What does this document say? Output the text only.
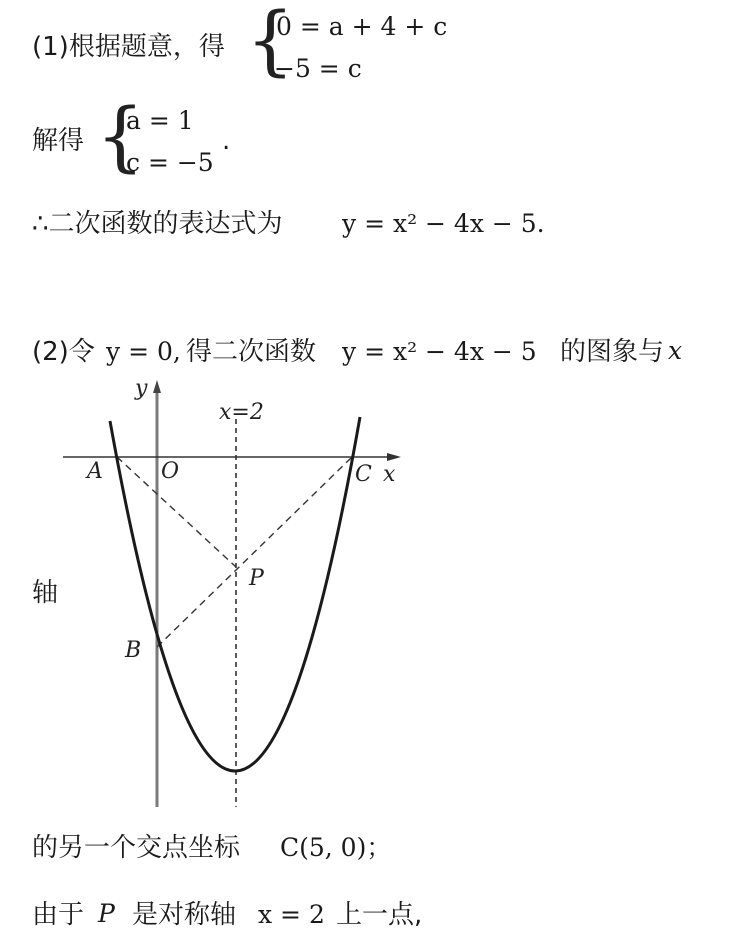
(1)根据题意，得 {
0 = a + 4 + c
−5 = c
解得 {
a = 1
c = −5
.
∴二次函数的表达式为 y = x² − 4x − 5.
(2)令 y = 0, 得二次函数 y = x² − 4x − 5 的图象与 x
轴
y
x=2
A	O	C x
P
B
的另一个交点坐标 C(5, 0)；
由于 P 是对称轴 x = 2 上一点,
